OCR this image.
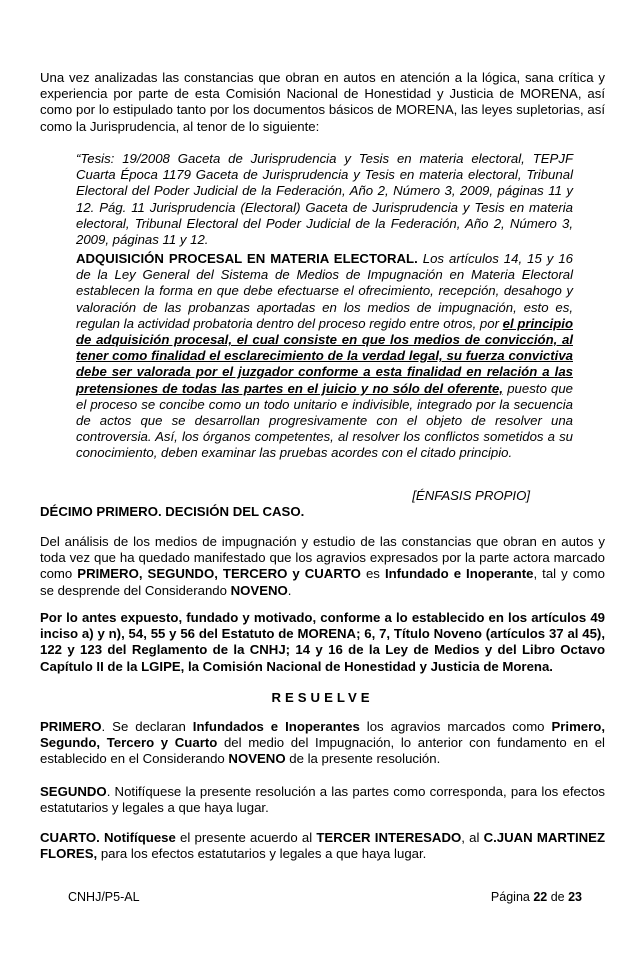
Una vez analizadas las constancias que obran en autos en atención a la lógica, sana crítica y experiencia por parte de esta Comisión Nacional de Honestidad y Justicia de MORENA, así como por lo estipulado tanto por los documentos básicos de MORENA, las leyes supletorias, así como la Jurisprudencia, al tenor de lo siguiente:

“Tesis: 19/2008 Gaceta de Jurisprudencia y Tesis en materia electoral, TEPJF Cuarta Época 1179 Gaceta de Jurisprudencia y Tesis en materia electoral, Tribunal Electoral del Poder Judicial de la Federación, Año 2, Número 3, 2009, páginas 11 y 12. Pág. 11 Jurisprudencia (Electoral) Gaceta de Jurisprudencia y Tesis en materia electoral, Tribunal Electoral del Poder Judicial de la Federación, Año 2, Número 3, 2009, páginas 11 y 12.

ADQUISICIÓN PROCESAL EN MATERIA ELECTORAL. Los artículos 14, 15 y 16 de la Ley General del Sistema de Medios de Impugnación en Materia Electoral establecen la forma en que debe efectuarse el ofrecimiento, recepción, desahogo y valoración de las probanzas aportadas en los medios de impugnación, esto es, regulan la actividad probatoria dentro del proceso regido entre otros, por el principio de adquisición procesal, el cual consiste en que los medios de convicción, al tener como finalidad el esclarecimiento de la verdad legal, su fuerza convictiva debe ser valorada por el juzgador conforme a esta finalidad en relación a las pretensiones de todas las partes en el juicio y no sólo del oferente, puesto que el proceso se concibe como un todo unitario e indivisible, integrado por la secuencia de actos que se desarrollan progresivamente con el objeto de resolver una controversia. Así, los órganos competentes, al resolver los conflictos sometidos a su conocimiento, deben examinar las pruebas acordes con el citado principio.

[ÉNFASIS PROPIO]

DÉCIMO PRIMERO. DECISIÓN DEL CASO.

Del análisis de los medios de impugnación y estudio de las constancias que obran en autos y toda vez que ha quedado manifestado que los agravios expresados por la parte actora marcado como PRIMERO, SEGUNDO, TERCERO y CUARTO es Infundado e Inoperante, tal y como se desprende del Considerando NOVENO.

Por lo antes expuesto, fundado y motivado, conforme a lo establecido en los artículos 49 inciso a) y n), 54, 55 y 56 del Estatuto de MORENA; 6, 7, Título Noveno (artículos 37 al 45), 122 y 123 del Reglamento de la CNHJ; 14 y 16 de la Ley de Medios y del Libro Octavo Capítulo II de la LGIPE, la Comisión Nacional de Honestidad y Justicia de Morena.

RESUELVE

PRIMERO. Se declaran Infundados e Inoperantes los agravios marcados como Primero, Segundo, Tercero y Cuarto del medio del Impugnación, lo anterior con fundamento en el establecido en el Considerando NOVENO de la presente resolución.

SEGUNDO. Notifíquese la presente resolución a las partes como corresponda, para los efectos estatutarios y legales a que haya lugar.

CUARTO. Notifíquese el presente acuerdo al TERCER INTERESADO, al C.JUAN MARTINEZ FLORES, para los efectos estatutarios y legales a que haya lugar.

CNHJ/P5-AL	Página 22 de 23
